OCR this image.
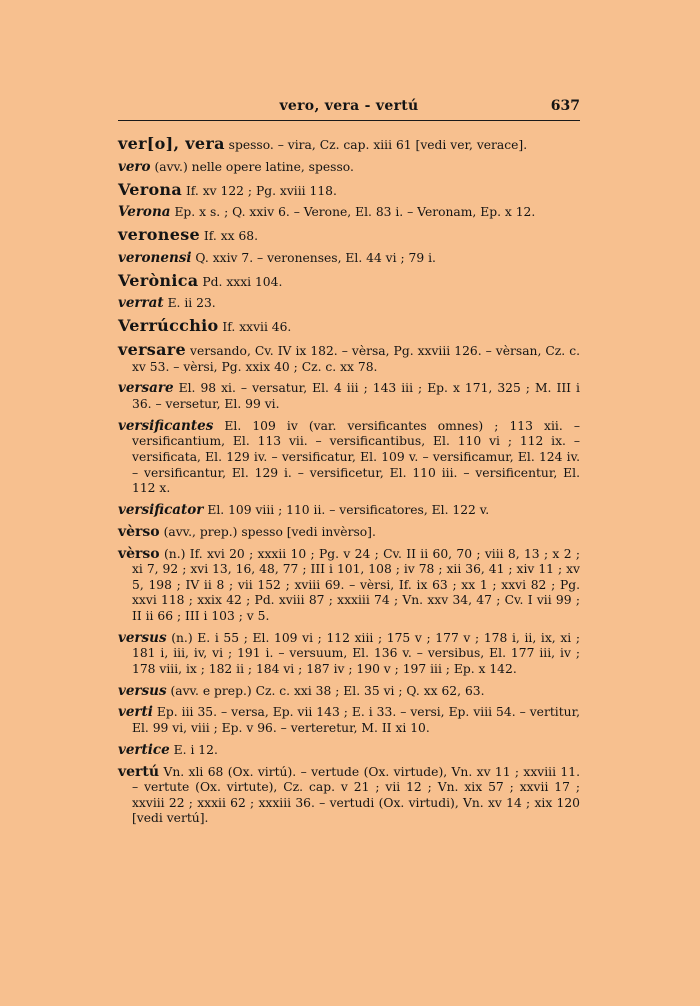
vero, vera - vertú	637

ver[o], vera spesso. – vira, Cz. cap. xiii 61 [vedi ver, verace].

vero (avv.) nelle opere latine, spesso.

Verona If. xv 122 ; Pg. xviii 118.

Verona Ep. x s. ; Q. xxiv 6. – Verone, El. 83 i. – Veronam, Ep. x 12.

veronese If. xx 68.

veronensi Q. xxiv 7. – veronenses, El. 44 vi ; 79 i.

Verònica Pd. xxxi 104.

verrat E. ii 23.

Verrúcchio If. xxvii 46.

versare versando, Cv. IV ix 182. – vèrsa, Pg. xxviii 126. – vèrsan, Cz. c. xv 53. – vèrsi, Pg. xxix 40 ; Cz. c. xx 78.

versare El. 98 xi. – versatur, El. 4 iii ; 143 iii ; Ep. x 171, 325 ; M. III i 36. – versetur, El. 99 vi.

versificantes El. 109 iv (var. versificantes omnes) ; 113 xii. – versificantium, El. 113 vii. – versificantibus, El. 110 vi ; 112 ix. – versificata, El. 129 iv. – versificatur, El. 109 v. – versificamur, El. 124 iv. – versificantur, El. 129 i. – versificetur, El. 110 iii. – versificentur, El. 112 x.

versificator El. 109 viii ; 110 ii. – versificatores, El. 122 v.

vèrso (avv., prep.) spesso [vedi invèrso].

vèrso (n.) If. xvi 20 ; xxxii 10 ; Pg. v 24 ; Cv. II ii 60, 70 ; viii 8, 13 ; x 2 ; xi 7, 92 ; xvi 13, 16, 48, 77 ; III i 101, 108 ; iv 78 ; xii 36, 41 ; xiv 11 ; xv 5, 198 ; IV ii 8 ; vii 152 ; xviii 69. – vèrsi, If. ix 63 ; xx 1 ; xxvi 82 ; Pg. xxvi 118 ; xxix 42 ; Pd. xviii 87 ; xxxiii 74 ; Vn. xxv 34, 47 ; Cv. I vii 99 ; II ii 66 ; III i 103 ; v 5.

versus (n.) E. i 55 ; El. 109 vi ; 112 xiii ; 175 v ; 177 v ; 178 i, ii, ix, xi ; 181 i, iii, iv, vi ; 191 i. – versuum, El. 136 v. – versibus, El. 177 iii, iv ; 178 viii, ix ; 182 ii ; 184 vi ; 187 iv ; 190 v ; 197 iii ; Ep. x 142.

versus (avv. e prep.) Cz. c. xxi 38 ; El. 35 vi ; Q. xx 62, 63.

verti Ep. iii 35. – versa, Ep. vii 143 ; E. i 33. – versi, Ep. viii 54. – vertitur, El. 99 vi, viii ; Ep. v 96. – verteretur, M. II xi 10.

vertice E. i 12.

vertú Vn. xli 68 (Ox. virtú). – vertude (Ox. virtude), Vn. xv 11 ; xxviii 11. – vertute (Ox. virtute), Cz. cap. v 21 ; vii 12 ; Vn. xix 57 ; xxvii 17 ; xxviii 22 ; xxxii 62 ; xxxiii 36. – vertudi (Ox. virtudi), Vn. xv 14 ; xix 120 [vedi vertú].
